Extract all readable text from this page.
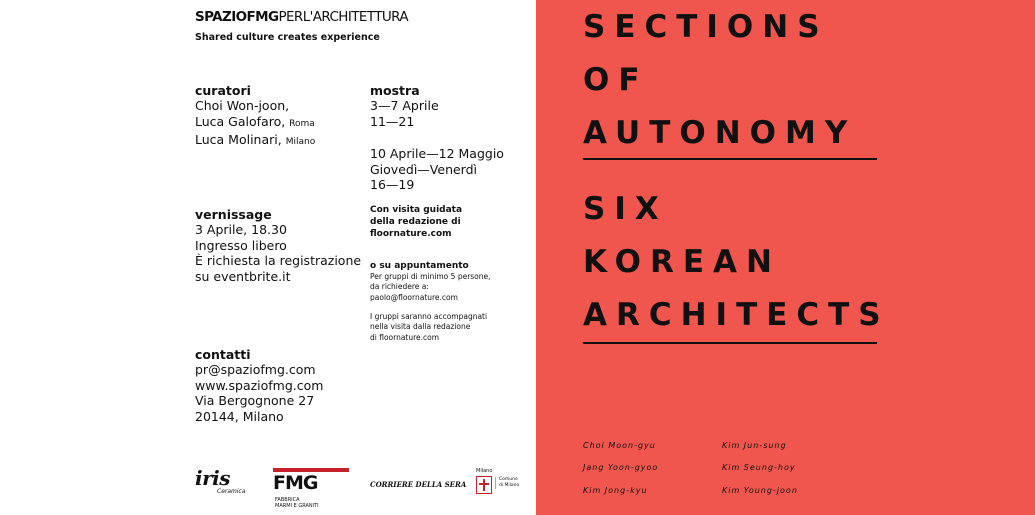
SPAZIOFMGPERL'ARCHITETTURA
Shared culture creates experience
curatori
Choi Won-joon,
Luca Galofaro, Roma
Luca Molinari, Milano
vernissage
3 Aprile, 18.30
Ingresso libero
È richiesta la registrazione
su eventbrite.it
contatti
pr@spaziofmg.com
www.spaziofmg.com
Via Bergognone 27
20144, Milano
mostra
3—7 Aprile
11—21
10 Aprile—12 Maggio
Giovedì—Venerdì
16—19
Con visita guidata
della redazione di
floornature.com
o su appuntamento
Per gruppi di minimo 5 persone,
da richiedere a:
paolo@floornature.com
I gruppi saranno accompagnati
nella visita dalla redazione
di floornature.com
iris
Ceramica FMGFABBRICA
MARMI E GRANITI
CORRIERE DELLA SERA
Milano
Comune
di Milano
SECTIONS
OF
AUTONOMY
SIX
KOREAN
ARCHITECTS
Choi Moon-gyu
Jang Yoon-gyoo
Kim Jong-kyu
Kim Jun-sung
Kim Seung-hoy
Kim Young-joon
